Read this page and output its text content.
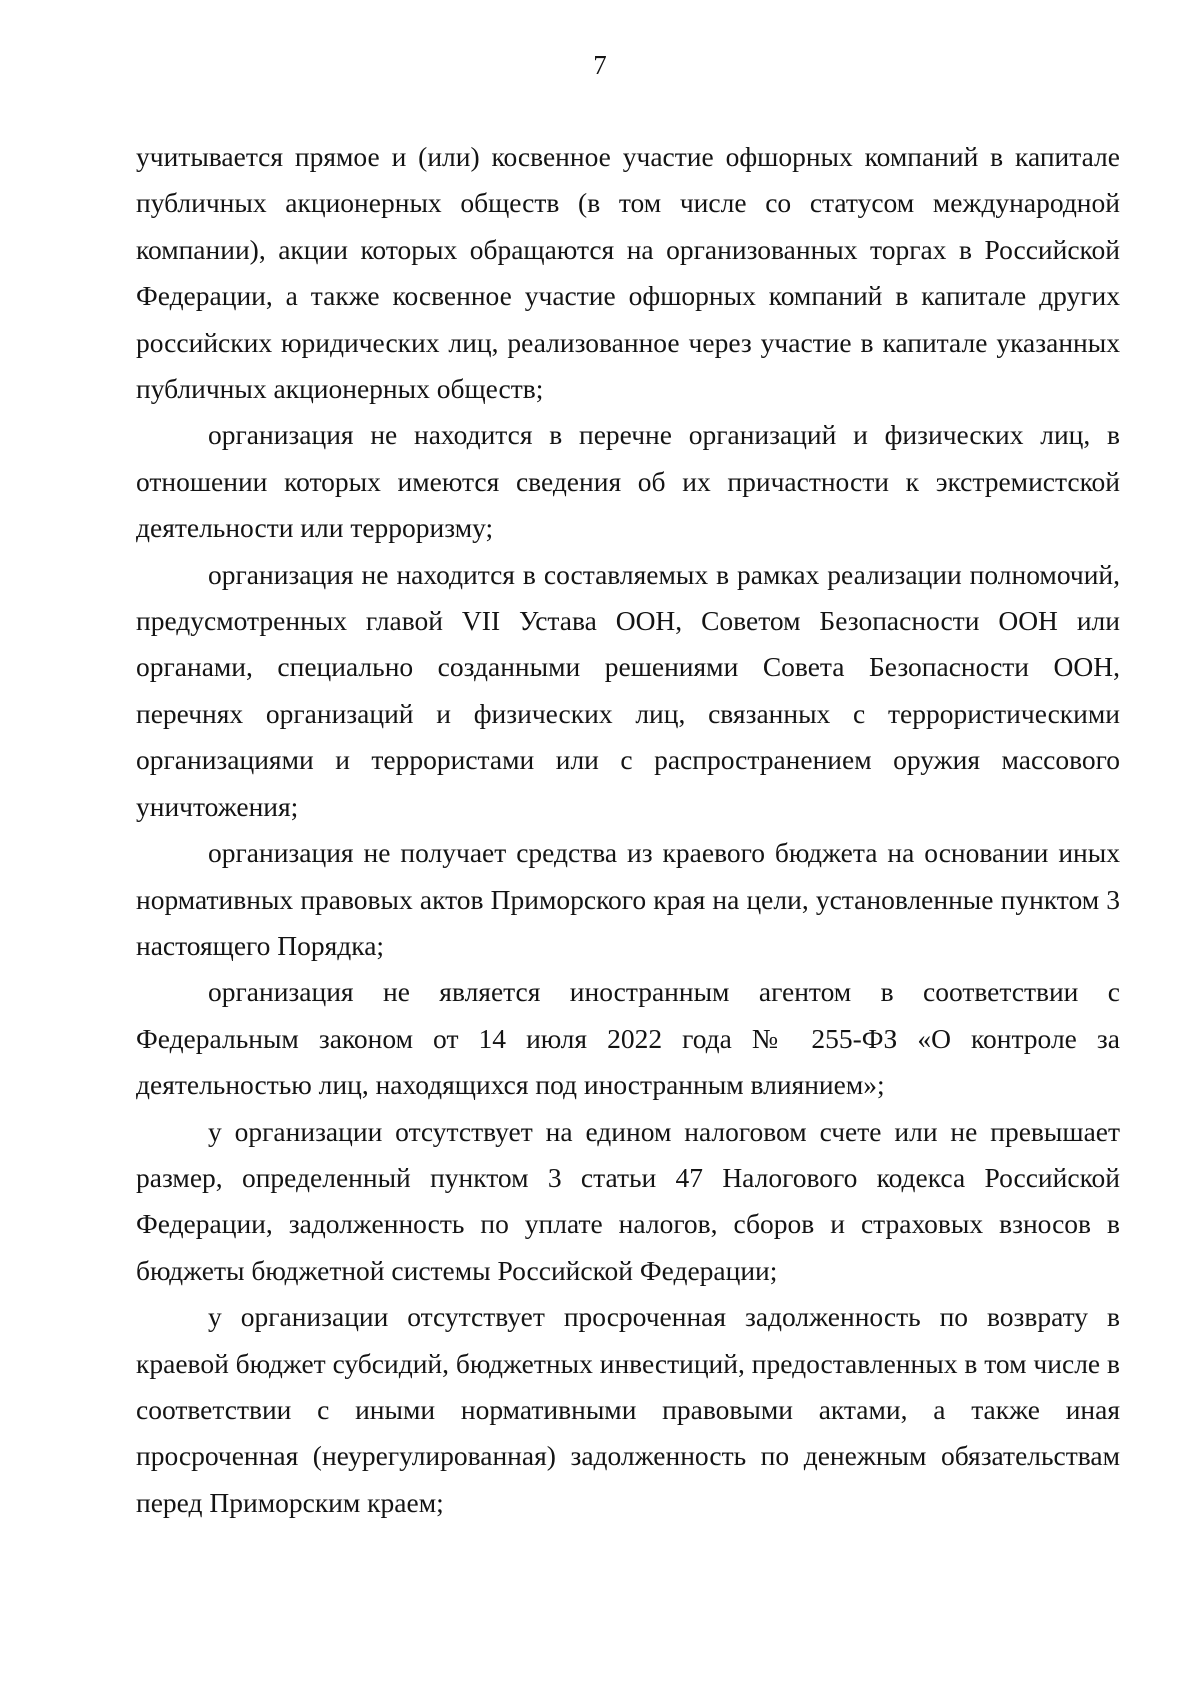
7

учитывается прямое и (или) косвенное участие офшорных компаний в капитале публичных акционерных обществ (в том числе со статусом международной компании), акции которых обращаются на организованных торгах в Российской Федерации, а также косвенное участие офшорных компаний в капитале других российских юридических лиц, реализованное через участие в капитале указанных публичных акционерных обществ;

организация не находится в перечне организаций и физических лиц, в отношении которых имеются сведения об их причастности к экстремистской деятельности или терроризму;

организация не находится в составляемых в рамках реализации полномочий, предусмотренных главой VII Устава ООН, Советом Безопасности ООН или органами, специально созданными решениями Совета Безопасности ООН, перечнях организаций и физических лиц, связанных с террористическими организациями и террористами или с распространением оружия массового уничтожения;

организация не получает средства из краевого бюджета на основании иных нормативных правовых актов Приморского края на цели, установленные пунктом 3 настоящего Порядка;

организация не является иностранным агентом в соответствии с Федеральным законом от 14 июля 2022 года № 255-ФЗ «О контроле за деятельностью лиц, находящихся под иностранным влиянием»;

у организации отсутствует на едином налоговом счете или не превышает размер, определенный пунктом 3 статьи 47 Налогового кодекса Российской Федерации, задолженность по уплате налогов, сборов и страховых взносов в бюджеты бюджетной системы Российской Федерации;

у организации отсутствует просроченная задолженность по возврату в краевой бюджет субсидий, бюджетных инвестиций, предоставленных в том числе в соответствии с иными нормативными правовыми актами, а также иная просроченная (неурегулированная) задолженность по денежным обязательствам перед Приморским краем;
